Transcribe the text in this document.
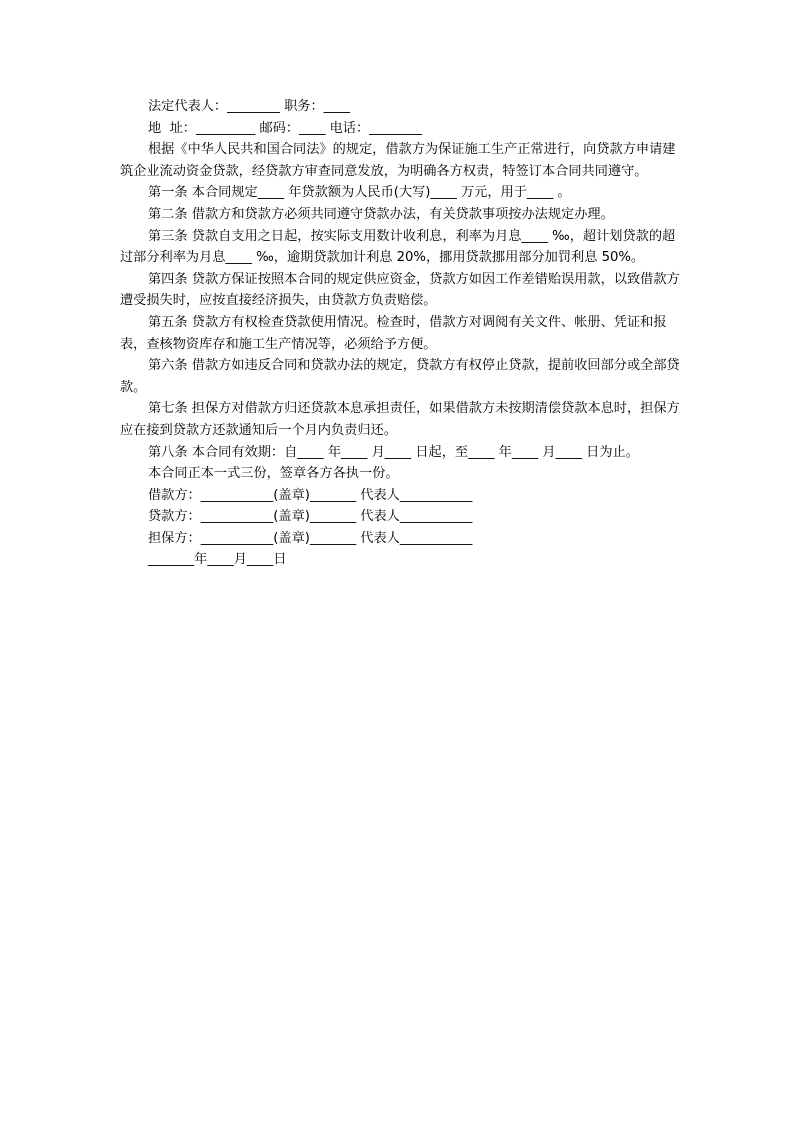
法定代表人：________ 职务：____

地  址：_________ 邮码：____ 电话：________

根据《中华人民共和国合同法》的规定，借款方为保证施工生产正常进行，向贷款方申请建筑企业流动资金贷款，经贷款方审查同意发放，为明确各方权责，特签订本合同共同遵守。

第一条 本合同规定____ 年贷款额为人民币(大写)____ 万元，用于____ 。

第二条 借款方和贷款方必须共同遵守贷款办法，有关贷款事项按办法规定办理。

第三条 贷款自支用之日起，按实际支用数计收利息，利率为月息____ ‰，超计划贷款的超过部分利率为月息____ ‰，逾期贷款加计利息 20%，挪用贷款挪用部分加罚利息 50%。

第四条 贷款方保证按照本合同的规定供应资金，贷款方如因工作差错贻误用款，以致借款方遭受损失时，应按直接经济损失，由贷款方负责赔偿。

第五条 贷款方有权检查贷款使用情况。检查时，借款方对调阅有关文件、帐册、凭证和报表，查核物资库存和施工生产情况等，必须给予方便。

第六条 借款方如违反合同和贷款办法的规定，贷款方有权停止贷款，提前收回部分或全部贷款。

第七条 担保方对借款方归还贷款本息承担责任，如果借款方未按期清偿贷款本息时，担保方应在接到贷款方还款通知后一个月内负责归还。

第八条 本合同有效期：自____ 年____ 月____ 日起，至____ 年____ 月____ 日为止。

本合同正本一式三份，签章各方各执一份。

借款方：___________(盖章)_______ 代表人___________

贷款方：___________(盖章)_______ 代表人___________

担保方：___________(盖章)_______ 代表人___________

_______年____月____日
